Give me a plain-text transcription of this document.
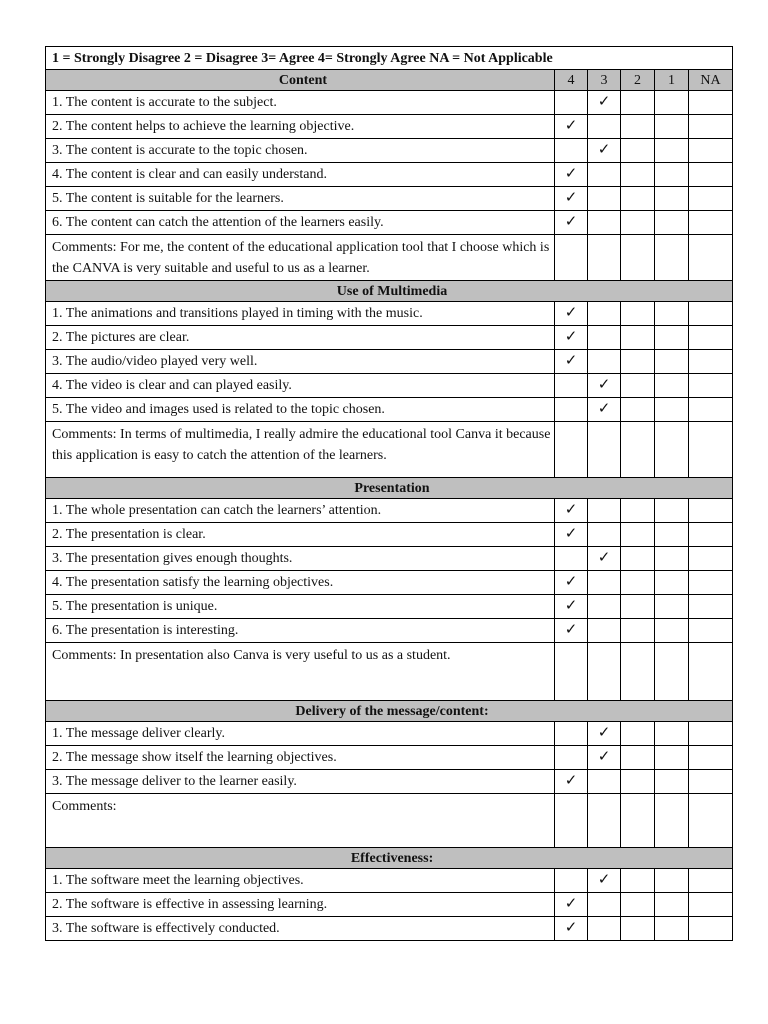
1 = Strongly Disagree 2 = Disagree 3= Agree 4= Strongly Agree NA = Not Applicable					
Content	4	3	2	1	NA
1. The content is accurate to the subject.		✓			
2. The content helps to achieve the learning objective.	✓				
3. The content is accurate to the topic chosen.		✓			
4. The content is clear and can easily understand.	✓				
5. The content is suitable for the learners.	✓				
6. The content can catch the attention of the learners easily.	✓				
Comments: For me, the content of the educational application tool that I choose which is the CANVA is very suitable and useful to us as a learner.					
Use of Multimedia					
1. The animations and transitions played in timing with the music.	✓				
2. The pictures are clear.	✓				
3. The audio/video played very well.	✓				
4. The video is clear and can played easily.		✓			
5. The video and images used is related to the topic chosen.		✓			
Comments: In terms of multimedia, I really admire the educational tool Canva it because this application is easy to catch the attention of the learners.					
Presentation					
1. The whole presentation can catch the learners’ attention.	✓				
2. The presentation is clear.	✓				
3. The presentation gives enough thoughts.		✓			
4. The presentation satisfy the learning objectives.	✓				
5. The presentation is unique.	✓				
6. The presentation is interesting.	✓				
Comments: In presentation also Canva is very useful to us as a student.					
Delivery of the message/content:					
1. The message deliver clearly.		✓			
2. The message show itself the learning objectives.		✓			
3. The message deliver to the learner easily.	✓				
Comments:					
Effectiveness:					
1. The software meet the learning objectives.		✓			
2. The software is effective in assessing learning.	✓				
3. The software is effectively conducted.	✓				
